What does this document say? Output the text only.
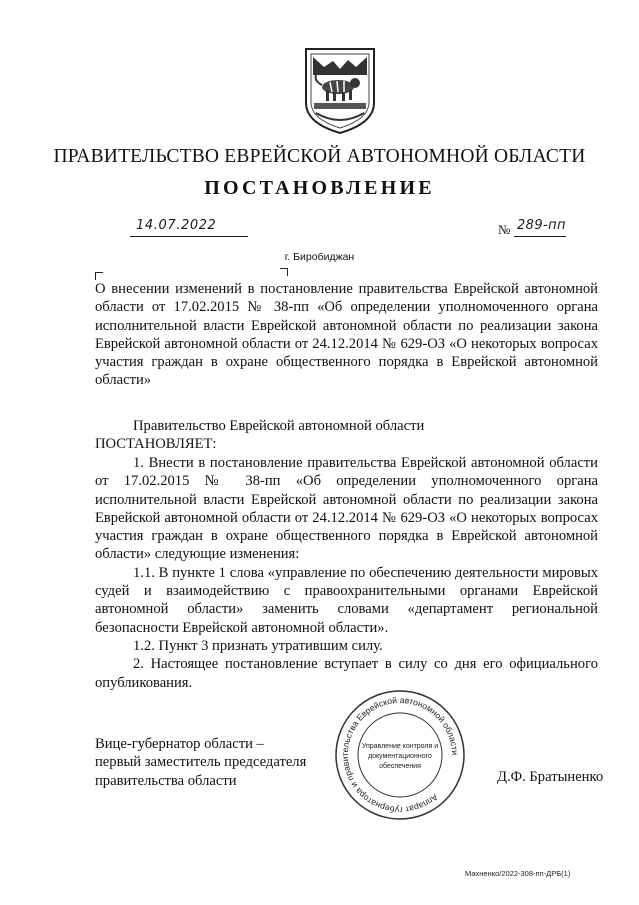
ПРАВИТЕЛЬСТВО ЕВРЕЙСКОЙ АВТОНОМНОЙ ОБЛАСТИ
ПОСТАНОВЛЕНИЕ
14.07.2022	№ 289-пп
г. Биробиджан
О внесении изменений в постановление правительства Еврейской автономной области от 17.02.2015 № 38-пп «Об определении уполномоченного органа исполнительной власти Еврейской автономной области по реализации закона Еврейской автономной области от 24.12.2014 № 629-ОЗ «О некоторых вопросах участия граждан в охране общественного порядка в Еврейской автономной области»
Правительство Еврейской автономной области
ПОСТАНОВЛЯЕТ:

1. Внести в постановление правительства Еврейской автономной области от 17.02.2015 № 38-пп «Об определении уполномоченного органа исполнительной власти Еврейской автономной области по реализации закона Еврейской автономной области от 24.12.2014 № 629-ОЗ «О некоторых вопросах участия граждан в охране общественного порядка в Еврейской автономной области» следующие изменения:

1.1. В пункте 1 слова «управление по обеспечению деятельности мировых судей и взаимодействию с правоохранительными органами Еврейской автономной области» заменить словами «департамент региональной безопасности Еврейской автономной области».

1.2. Пункт 3 признать утратившим силу.

2. Настоящее постановление вступает в силу со дня его официального опубликования.

Вице-губернатор области –
первый заместитель председателя
правительства области	Д.Ф. Братыненко
Аппарат губернатора и правительства Еврейской автономной области
Управление контроля и
документационного
обеспечения
Махненко/2022-308-пп-ДРБ(1)
